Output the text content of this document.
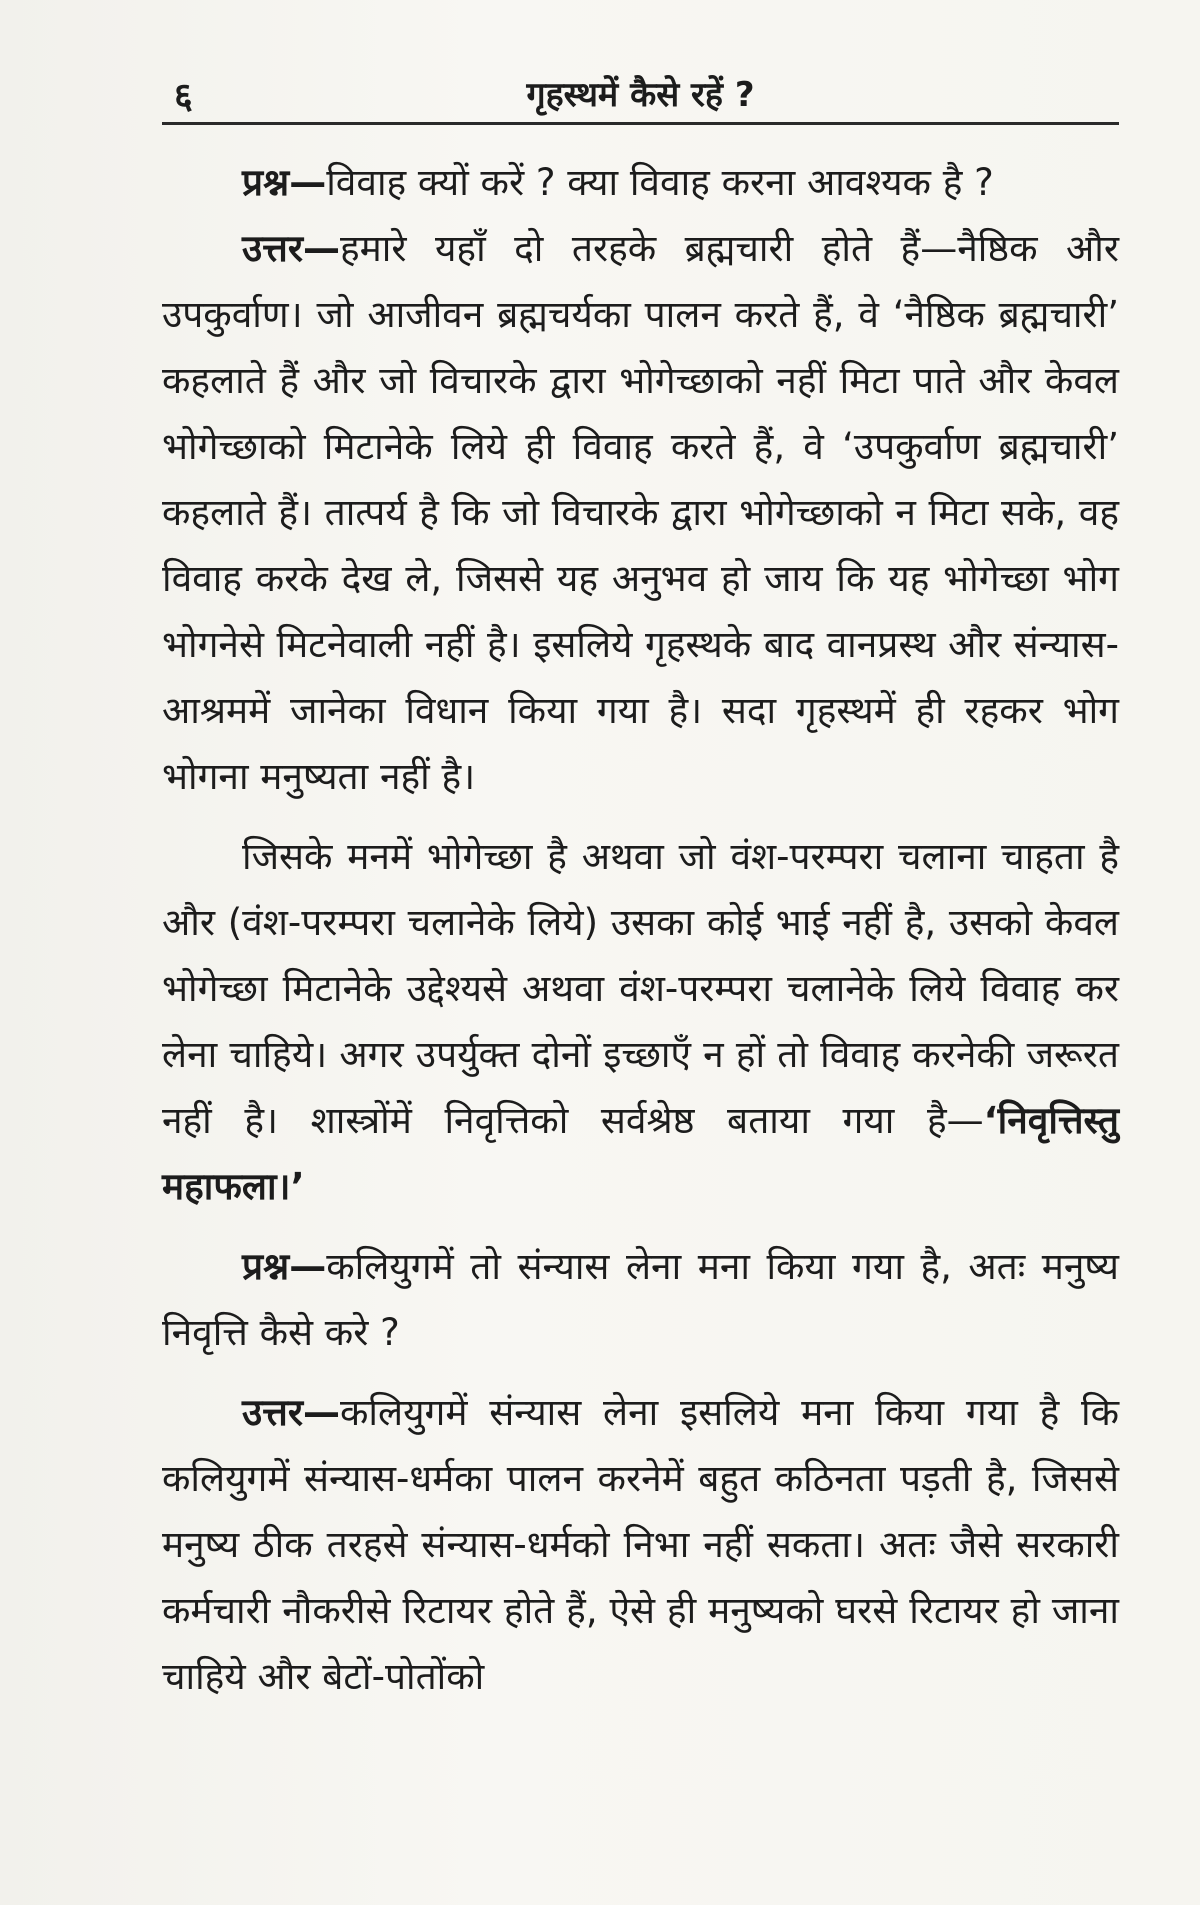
६	गृहस्थमें कैसे रहें ?

प्रश्न—विवाह क्यों करें ? क्या विवाह करना आवश्यक है ?

उत्तर—हमारे यहाँ दो तरहके ब्रह्मचारी होते हैं—नैष्ठिक और उपकुर्वाण। जो आजीवन ब्रह्मचर्यका पालन करते हैं, वे ‘नैष्ठिक ब्रह्मचारी’ कहलाते हैं और जो विचारके द्वारा भोगेच्छाको नहीं मिटा पाते और केवल भोगेच्छाको मिटानेके लिये ही विवाह करते हैं, वे ‘उपकुर्वाण ब्रह्मचारी’ कहलाते हैं। तात्पर्य है कि जो विचारके द्वारा भोगेच्छाको न मिटा सके, वह विवाह करके देख ले, जिससे यह अनुभव हो जाय कि यह भोगेच्छा भोग भोगनेसे मिटनेवाली नहीं है। इसलिये गृहस्थके बाद वानप्रस्थ और संन्यास-आश्रममें जानेका विधान किया गया है। सदा गृहस्थमें ही रहकर भोग भोगना मनुष्यता नहीं है।

जिसके मनमें भोगेच्छा है अथवा जो वंश-परम्परा चलाना चाहता है और (वंश-परम्परा चलानेके लिये) उसका कोई भाई नहीं है, उसको केवल भोगेच्छा मिटानेके उद्देश्यसे अथवा वंश-परम्परा चलानेके लिये विवाह कर लेना चाहिये। अगर उपर्युक्त दोनों इच्छाएँ न हों तो विवाह करनेकी जरूरत नहीं है। शास्त्रोंमें निवृत्तिको सर्वश्रेष्ठ बताया गया है—‘निवृत्तिस्तु महाफला।’

प्रश्न—कलियुगमें तो संन्यास लेना मना किया गया है, अतः मनुष्य निवृत्ति कैसे करे ?

उत्तर—कलियुगमें संन्यास लेना इसलिये मना किया गया है कि कलियुगमें संन्यास-धर्मका पालन करनेमें बहुत कठिनता पड़ती है, जिससे मनुष्य ठीक तरहसे संन्यास-धर्मको निभा नहीं सकता। अतः जैसे सरकारी कर्मचारी नौकरीसे रिटायर होते हैं, ऐसे ही मनुष्यको घरसे रिटायर हो जाना चाहिये और बेटों-पोतोंको
